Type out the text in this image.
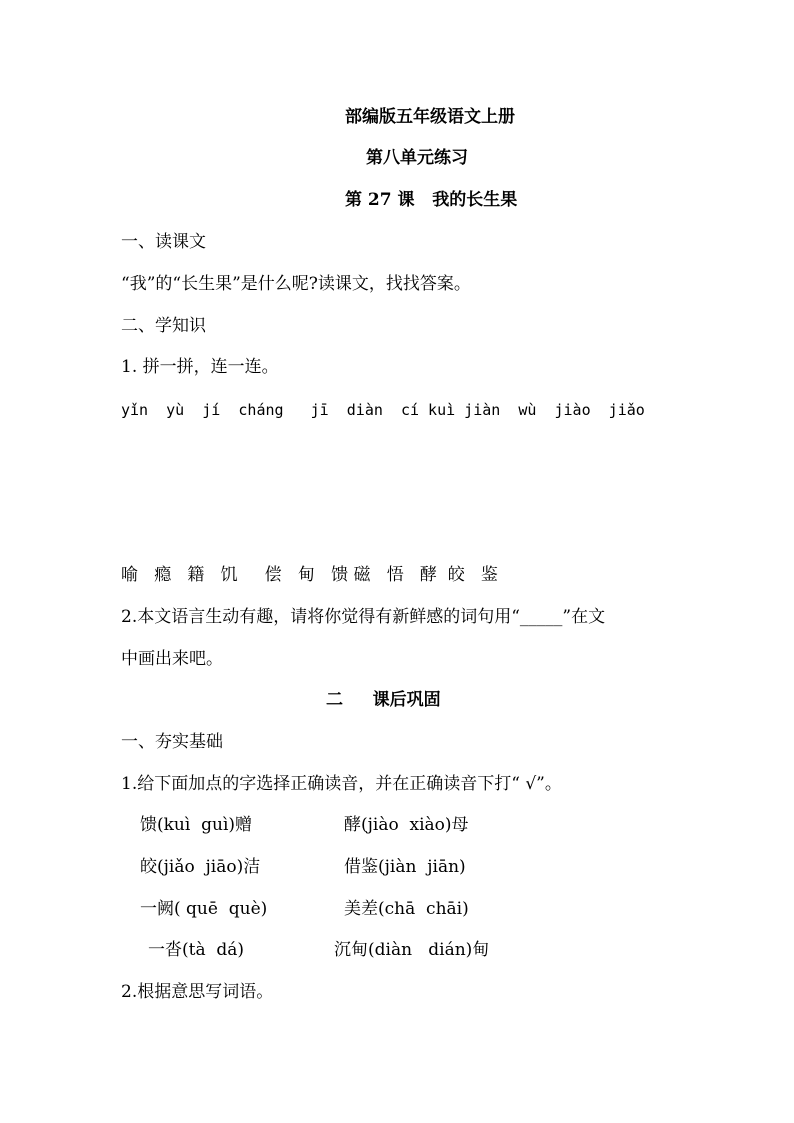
部编版五年级语文上册
第八单元练习
第 27 课   我的长生果
一、读课文
“我”的“长生果”是什么呢?读课文，找找答案。
二、学知识
1. 拼一拼，连一连。
yǐn  yù  jí  cháng   jī  diàn  cí kuì jiàn  wù  jiào  jiǎo
喻   瘾   籍   饥     偿   甸   馈 磁   悟   酵  皎   鉴
2.本文语言生动有趣，请将你觉得有新鲜感的词句用“_____”在文
中画出来吧。
二     课后巩固
一、夯实基础
1.给下面加点的字选择正确读音，并在正确读音下打“ √”。
馈(kuì  guì)赠	酵(jiào  xiào)母
皎(jiǎo  jiāo)洁	借鉴(jiàn  jiān)
一阙( quē  què)	美差(chā  chāi)
一沓(tà  dá)	沉甸(diàn   dián)甸
2.根据意思写词语。
